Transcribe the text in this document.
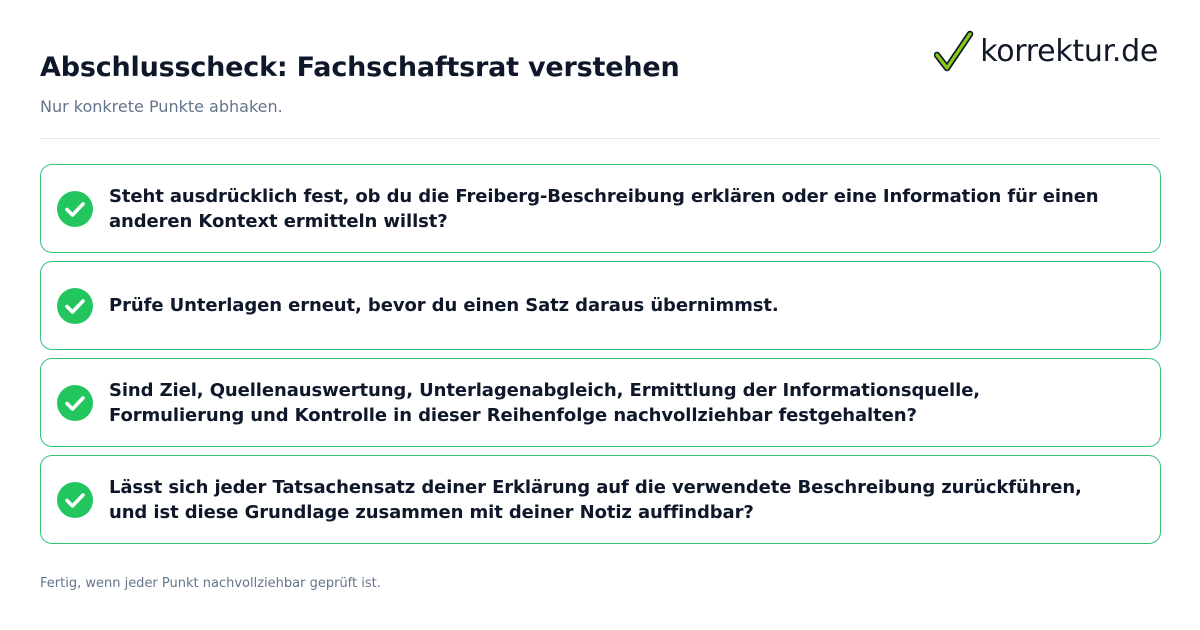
Abschlusscheck: Fachschaftsrat verstehen

Nur konkrete Punkte abhaken.

korrektur.de
Steht ausdrücklich fest, ob du die Freiberg-Beschreibung erklären oder eine Information für einen anderen Kontext ermitteln willst?
Prüfe Unterlagen erneut, bevor du einen Satz daraus übernimmst.
Sind Ziel, Quellenauswertung, Unterlagenabgleich, Ermittlung der Informationsquelle, Formulierung und Kontrolle in dieser Reihenfolge nachvollziehbar festgehalten?
Lässt sich jeder Tatsachensatz deiner Erklärung auf die verwendete Beschreibung zurückführen, und ist diese Grundlage zusammen mit deiner Notiz auffindbar?

Fertig, wenn jeder Punkt nachvollziehbar geprüft ist.
